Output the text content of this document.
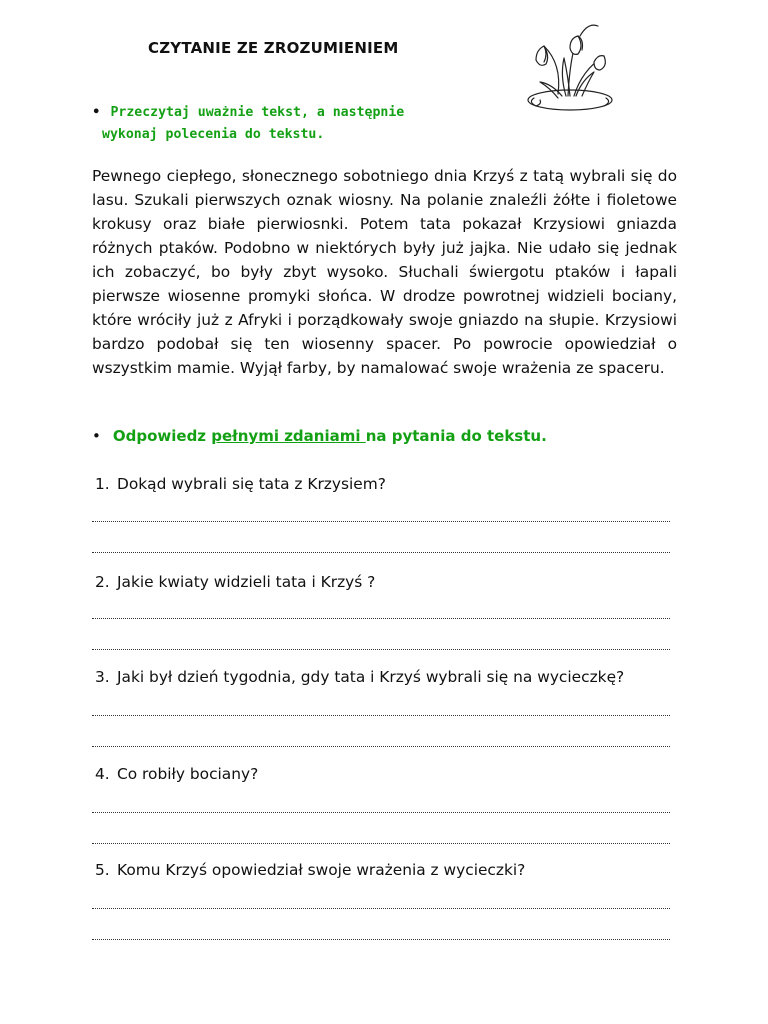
CZYTANIE ZE ZROZUMIENIEM
• Przeczytaj uważnie tekst, a następnie
wykonaj polecenia do tekstu.
Pewnego ciepłego, słonecznego sobotniego dnia Krzyś z tatą wybrali się do lasu. Szukali pierwszych oznak wiosny. Na polanie znaleźli żółte i fioletowe krokusy oraz białe pierwiosnki. Potem tata pokazał Krzysiowi gniazda różnych ptaków. Podobno w niektórych były już jajka. Nie udało się jednak ich zobaczyć, bo były zbyt wysoko. Słuchali świergotu ptaków i łapali pierwsze wiosenne promyki słońca. W drodze powrotnej widzieli bociany, które wróciły już z Afryki i porządkowały swoje gniazdo na słupie. Krzysiowi bardzo podobał się ten wiosenny spacer. Po powrocie opowiedział o wszystkim mamie. Wyjął farby, by namalować swoje wrażenia ze spaceru.
• Odpowiedz pełnymi zdaniami na pytania do tekstu.
1. Dokąd wybrali się tata z Krzysiem?
2. Jakie kwiaty widzieli tata i Krzyś ?
3. Jaki był dzień tygodnia, gdy tata i Krzyś wybrali się na wycieczkę?
4. Co robiły bociany?
5. Komu Krzyś opowiedział swoje wrażenia z wycieczki?
